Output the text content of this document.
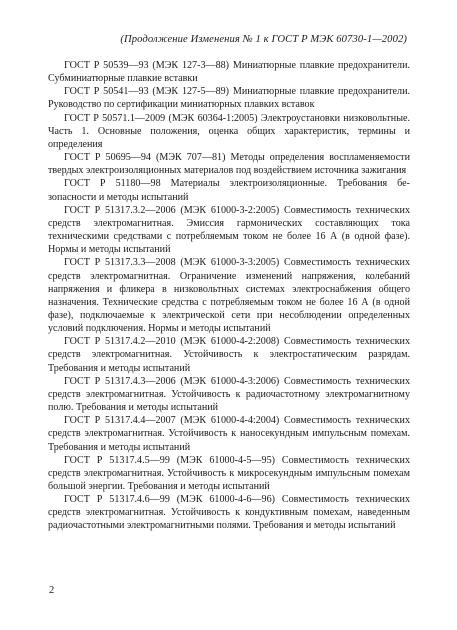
(Продолжение Изменения № 1 к ГОСТ Р МЭК 60730-1—2002)

ГОСТ Р 50539—93 (МЭК 127-3—88) Миниатюрные плавкие предохранители. Субминиатюрные плавкие вставки

ГОСТ Р 50541—93 (МЭК 127-5—89) Миниатюрные плавкие предохранители. Руководство по сертификации миниатюрных плавких вставок

ГОСТ Р 50571.1—2009 (МЭК 60364-1:2005) Электроустановки низковольтные. Часть 1. Основные положения, оценка общих характеристик, термины и определения

ГОСТ Р 50695—94 (МЭК 707—81) Методы определения воспламеняемости твердых электроизоляционных материалов под воздействием источника зажигания

ГОСТ Р 51180—98 Материалы электроизоляционные. Требования безопасности и методы испытаний

ГОСТ Р 51317.3.2—2006 (МЭК 61000-3-2:2005) Совместимость технических средств электромагнитная. Эмиссия гармонических составляющих тока техническими средствами с потребляемым током не более 16 А (в одной фазе). Нормы и методы испытаний

ГОСТ Р 51317.3.3—2008 (МЭК 61000-3-3:2005) Совместимость технических средств электромагнитная. Ограничение изменений напряжения, колебаний напряжения и фликера в низковольтных системах электроснабжения общего назначения. Технические средства с потребляемым током не более 16 А (в одной фазе), подключаемые к электрической сети при несоблюдении определенных условий подключения. Нормы и методы испытаний

ГОСТ Р 51317.4.2—2010 (МЭК 61000-4-2:2008) Совместимость технических средств электромагнитная. Устойчивость к электростатическим разрядам. Требования и методы испытаний

ГОСТ Р 51317.4.3—2006 (МЭК 61000-4-3:2006) Совместимость технических средств электромагнитная. Устойчивость к радиочастотному электромагнитному полю. Требования и методы испытаний

ГОСТ Р 51317.4.4—2007 (МЭК 61000-4-4:2004) Совместимость технических средств электромагнитная. Устойчивость к наносекундным импульсным помехам. Требования и методы испытаний

ГОСТ Р 51317.4.5—99 (МЭК 61000-4-5—95) Совместимость технических средств электромагнитная. Устойчивость к микросекундным импульсным помехам большой энергии. Требования и методы испытаний

ГОСТ Р 51317.4.6—99 (МЭК 61000-4-6—96) Совместимость технических средств электромагнитная. Устойчивость к кондуктивным помехам, наведенным радиочастотными электромагнитными полями. Требования и методы испытаний

2
